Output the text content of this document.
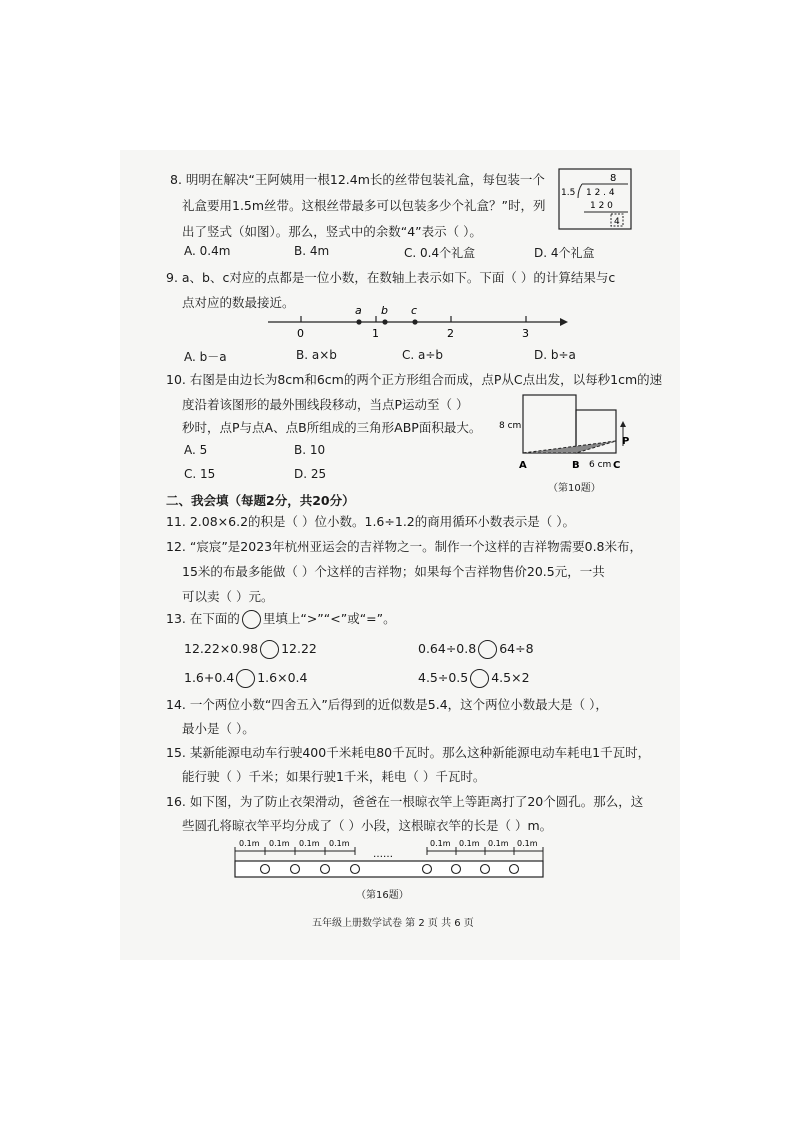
8. 明明在解决“王阿姨用一根12.4m长的丝带包装礼盒，每包装一个
礼盒要用1.5m丝带。这根丝带最多可以包装多少个礼盒？”时，列
出了竖式（如图）。那么，竖式中的余数“4”表示（ ）。
A. 0.4m	B. 4m	C. 0.4个礼盒	D. 4个礼盒
8
1.5 1 2 . 4
1 2 0
4
9. a、b、c对应的点都是一位小数，在数轴上表示如下。下面（ ）的计算结果与c
点对应的数最接近。
0	1	2	3
a b c
A. b－a	B. a×b	C. a÷b	D. b÷a
10. 右图是由边长为8cm和6cm的两个正方形组合而成，点P从C点出发，以每秒1cm的速
度沿着该图形的最外围线段移动，当点P运动至（ ）
秒时，点P与点A、点B所组成的三角形ABP面积最大。
A. 5	B. 10
C. 15	D. 25
8 cm
6 cm
A	B	C
P
（第10题）
二、我会填（每题2分，共20分）
11. 2.08×6.2的积是（ ）位小数。1.6÷1.2的商用循环小数表示是（ ）。
12. “宸宸”是2023年杭州亚运会的吉祥物之一。制作一个这样的吉祥物需要0.8米布，
15米的布最多能做（ ）个这样的吉祥物；如果每个吉祥物售价20.5元，一共
可以卖（ ）元。
13. 在下面的 里填上“>”“<”或“=”。
12.22×0.98 12.22	0.64÷0.8 64÷8
1.6+0.4 1.6×0.4	4.5÷0.5 4.5×2
14. 一个两位小数“四舍五入”后得到的近似数是5.4，这个两位小数最大是（ ），
最小是（ ）。
15. 某新能源电动车行驶400千米耗电80千瓦时。那么这种新能源电动车耗电1千瓦时，
能行驶（ ）千米；如果行驶1千米，耗电（ ）千瓦时。
16. 如下图，为了防止衣架滑动，爸爸在一根晾衣竿上等距离打了20个圆孔。那么，这
些圆孔将晾衣竿平均分成了（ ）小段，这根晾衣竿的长是（ ）m。
0.1m 0.1m 0.1m 0.1m	0.1m 0.1m 0.1m 0.1m
……
（第16题）
五年级上册数学试卷 第 2 页 共 6 页
